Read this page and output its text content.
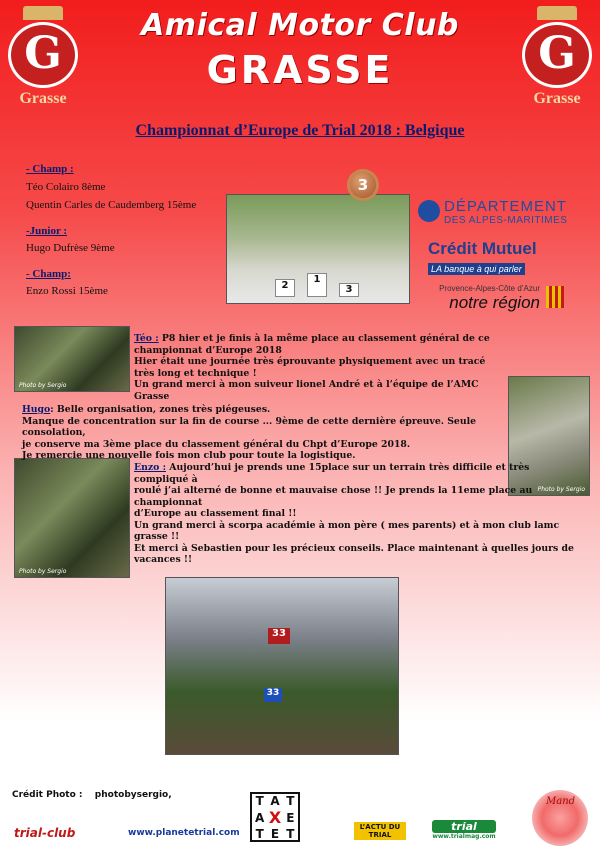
G
Grasse
G
Grasse
Amical Motor Club
GRASSE
Championnat d’Europe de Trial 2018 : Belgique
- Champ :
Téo Colairo 8ème
Quentin Carles de Caudemberg 15ème
-Junior :
Hugo Dufrèse 9ème
- Champ:
Enzo Rossi 15ème	2
1
3
3
DÉPARTEMENT
DES ALPES-MARITIMES
Crédit Mutuel
LA banque à qui parler
Provence-Alpes-Côte d’Azur
notre région
Photo by Sergio
Photo by Sergio
Photo by Sergio
Téo : P8 hier et je finis à la même place au classement général de ce championnat d’Europe 2018
Hier était une journée très éprouvante physiquement avec un tracé très long et technique !
Un grand merci à mon suiveur lionel André et à l’équipe de l’AMC Grasse
Hugo: Belle organisation, zones très piégeuses.
Manque de concentration sur la fin de course ... 9ème de cette dernière épreuve. Seule consolation,
je conserve ma 3ème place du classement général du Chpt d’Europe 2018.
Je remercie une nouvelle fois mon club pour toute la logistique.
Enzo : Aujourd’hui je prends une 15place sur un terrain très difficile et très compliqué à
roulé j’ai alterné de bonne et mauvaise chose !! Je prends la 11eme place au championnat
d’Europe au classement final !!
Un grand merci à scorpa académie à mon père ( mes parents) et à mon club lamc grasse !!
Et merci à Sebastien pour les précieux conseils. Place maintenant à quelles jours de vacances !!
33
33
Crédit Photo : photobysergio,
trial-club	www.planetetrial.com
T A T
A X E
T E T	L’ACTU DU TRIAL
trial
www.trialmag.com
Mand
